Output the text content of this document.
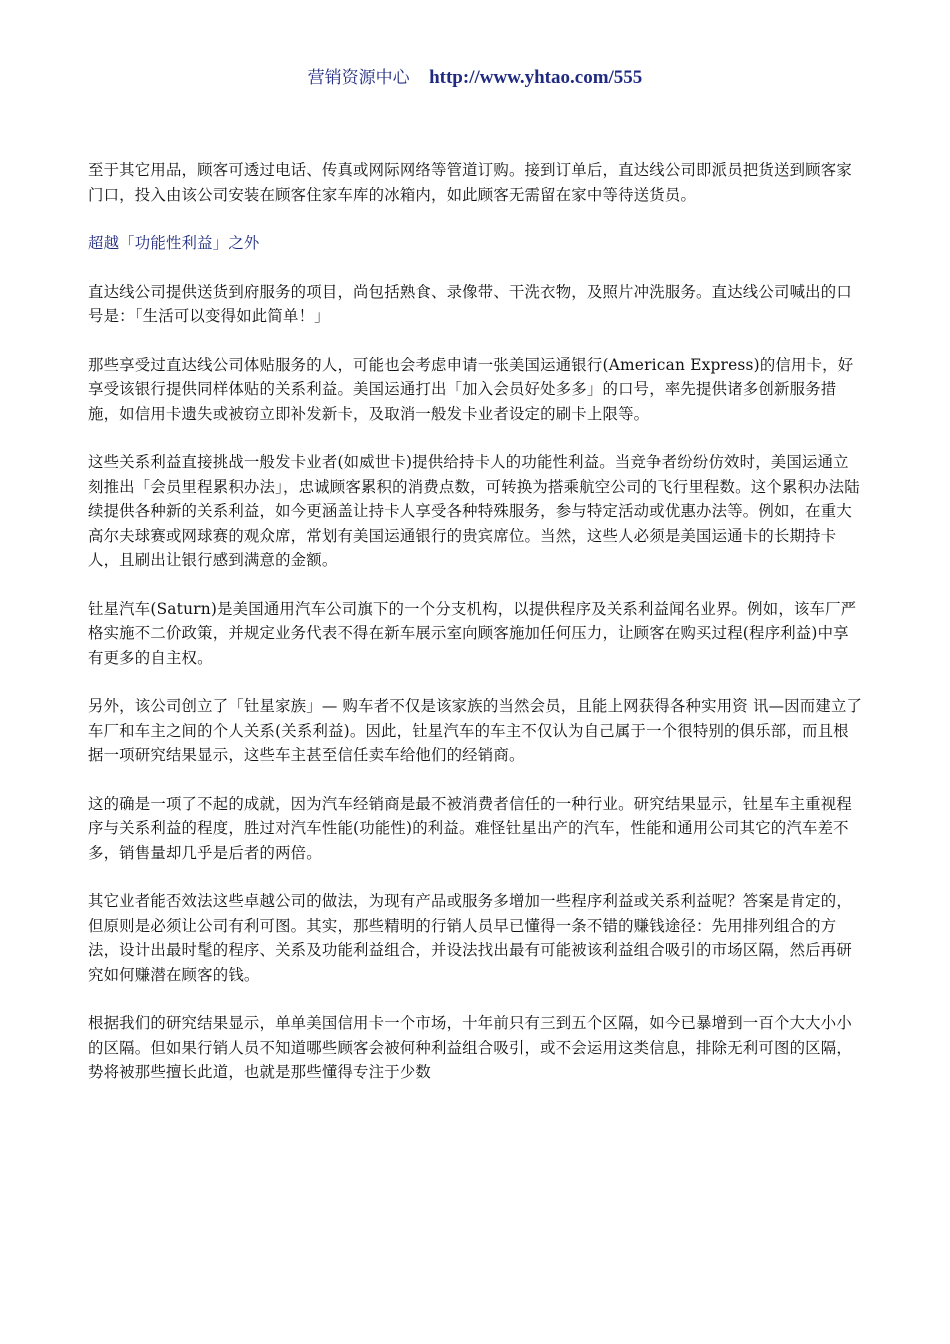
营销资源中心 http://www.yhtao.com/555

至于其它用品，顾客可透过电话、传真或网际网络等管道订购。接到订单后，直达线公司即派员把货送到顾客家门口，投入由该公司安装在顾客住家车库的冰箱内，如此顾客无需留在家中等待送货员。

超越「功能性利益」之外

直达线公司提供送货到府服务的项目，尚包括熟食、录像带、干洗衣物，及照片冲洗服务。直达线公司喊出的口号是：「生活可以变得如此简单！」

那些享受过直达线公司体贴服务的人，可能也会考虑申请一张美国运通银行(American Express)的信用卡，好享受该银行提供同样体贴的关系利益。美国运通打出「加入会员好处多多」的口号，率先提供诸多创新服务措施，如信用卡遗失或被窃立即补发新卡，及取消一般发卡业者设定的刷卡上限等。

这些关系利益直接挑战一般发卡业者(如威世卡)提供给持卡人的功能性利益。当竞争者纷纷仿效时，美国运通立刻推出「会员里程累积办法」，忠诚顾客累积的消费点数，可转换为搭乘航空公司的飞行里程数。这个累积办法陆续提供各种新的关系利益，如今更涵盖让持卡人享受各种特殊服务，参与特定活动或优惠办法等。例如，在重大高尔夫球赛或网球赛的观众席，常划有美国运通银行的贵宾席位。当然，这些人必须是美国运通卡的长期持卡人，且刷出让银行感到满意的金额。

钍星汽车(Saturn)是美国通用汽车公司旗下的一个分支机构，以提供程序及关系利益闻名业界。例如，该车厂严格实施不二价政策，并规定业务代表不得在新车展示室向顾客施加任何压力，让顾客在购买过程(程序利益)中享有更多的自主权。

另外，该公司创立了「钍星家族」— 购车者不仅是该家族的当然会员，且能上网获得各种实用资 讯—因而建立了车厂和车主之间的个人关系(关系利益)。因此，钍星汽车的车主不仅认为自己属于一个很特别的俱乐部，而且根据一项研究结果显示，这些车主甚至信任卖车给他们的经销商。

这的确是一项了不起的成就，因为汽车经销商是最不被消费者信任的一种行业。研究结果显示，钍星车主重视程序与关系利益的程度，胜过对汽车性能(功能性)的利益。难怪钍星出产的汽车，性能和通用公司其它的汽车差不多，销售量却几乎是后者的两倍。

其它业者能否效法这些卓越公司的做法，为现有产品或服务多增加一些程序利益或关系利益呢？答案是肯定的，但原则是必须让公司有利可图。其实，那些精明的行销人员早已懂得一条不错的赚钱途径：先用排列组合的方法，设计出最时髦的程序、关系及功能利益组合，并设法找出最有可能被该利益组合吸引的市场区隔，然后再研究如何赚潜在顾客的钱。

根据我们的研究结果显示，单单美国信用卡一个市场，十年前只有三到五个区隔，如今已暴增到一百个大大小小的区隔。但如果行销人员不知道哪些顾客会被何种利益组合吸引，或不会运用这类信息，排除无利可图的区隔，势将被那些擅长此道，也就是那些懂得专注于少数
